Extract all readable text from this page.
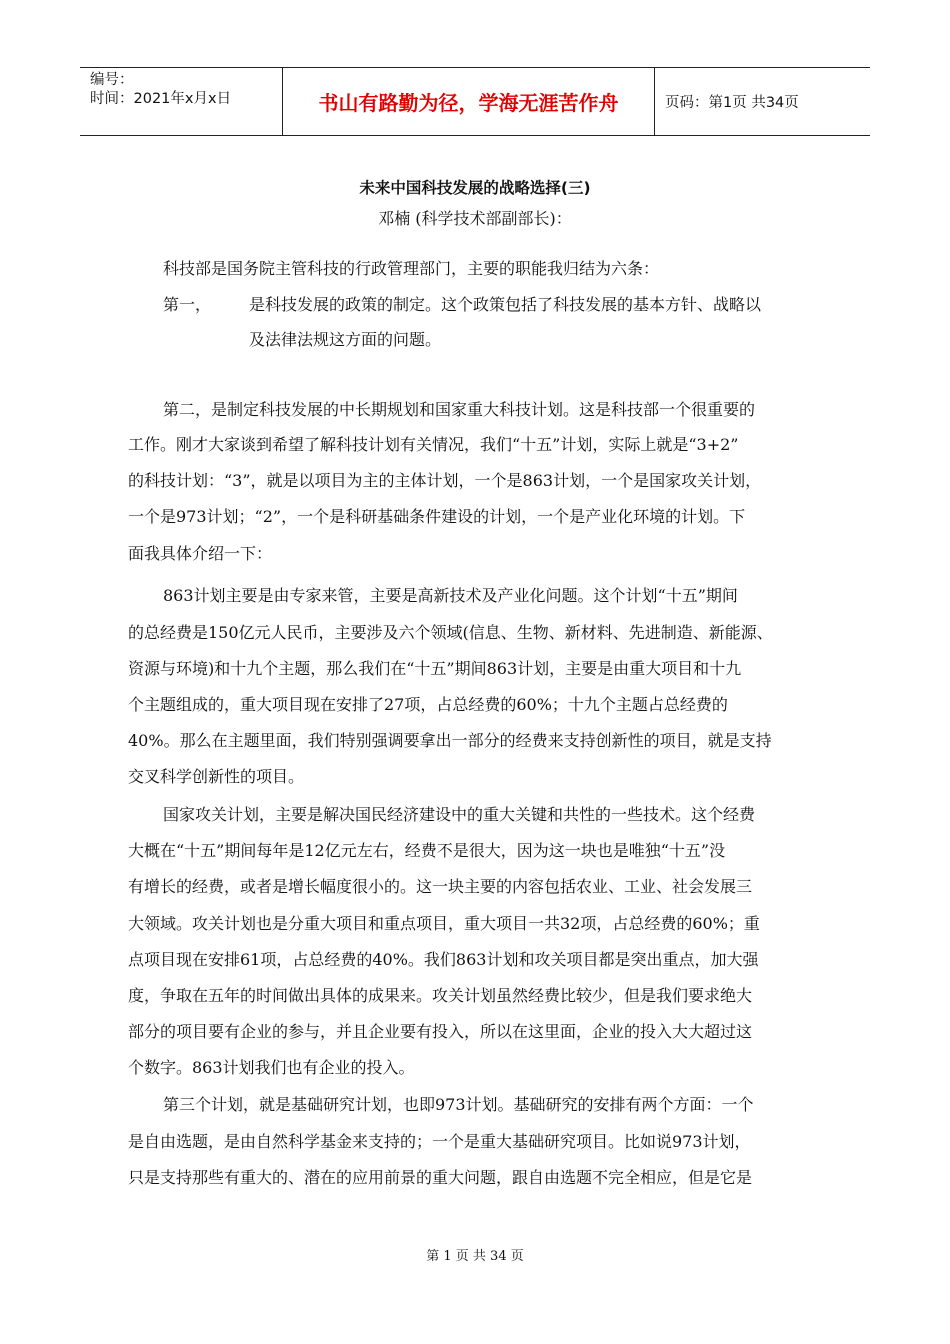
编号：
时间：2021年x月x日	书山有路勤为径，学海无涯苦作舟	页码：第1页 共34页
未来中国科技发展的战略选择(三)
邓楠 (科学技术部副部长)：
科技部是国务院主管科技的行政管理部门，主要的职能我归结为六条：
第一， 是科技发展的政策的制定。这个政策包括了科技发展的基本方针、战略以
及法律法规这方面的问题。
第二，是制定科技发展的中长期规划和国家重大科技计划。这是科技部一个很重要的
工作。刚才大家谈到希望了解科技计划有关情况，我们“十五”计划，实际上就是“3+2”
的科技计划：“3”，就是以项目为主的主体计划，一个是863计划，一个是国家攻关计划，
一个是973计划；“2”，一个是科研基础条件建设的计划，一个是产业化环境的计划。下
面我具体介绍一下：
863计划主要是由专家来管，主要是高新技术及产业化问题。这个计划“十五”期间
的总经费是150亿元人民币，主要涉及六个领域(信息、生物、新材料、先进制造、新能源、
资源与环境)和十九个主题，那么我们在“十五”期间863计划，主要是由重大项目和十九
个主题组成的，重大项目现在安排了27项，占总经费的60%；十九个主题占总经费的
40%。那么在主题里面，我们特别强调要拿出一部分的经费来支持创新性的项目，就是支持
交叉科学创新性的项目。
国家攻关计划，主要是解决国民经济建设中的重大关键和共性的一些技术。这个经费
大概在“十五”期间每年是12亿元左右，经费不是很大，因为这一块也是唯独“十五”没
有增长的经费，或者是增长幅度很小的。这一块主要的内容包括农业、工业、社会发展三
大领域。攻关计划也是分重大项目和重点项目，重大项目一共32项，占总经费的60%；重
点项目现在安排61项，占总经费的40%。我们863计划和攻关项目都是突出重点，加大强
度，争取在五年的时间做出具体的成果来。攻关计划虽然经费比较少，但是我们要求绝大
部分的项目要有企业的参与，并且企业要有投入，所以在这里面，企业的投入大大超过这
个数字。863计划我们也有企业的投入。
第三个计划，就是基础研究计划，也即973计划。基础研究的安排有两个方面：一个
是自由选题，是由自然科学基金来支持的；一个是重大基础研究项目。比如说973计划，
只是支持那些有重大的、潜在的应用前景的重大问题，跟自由选题不完全相应，但是它是
第 1 页 共 34 页
